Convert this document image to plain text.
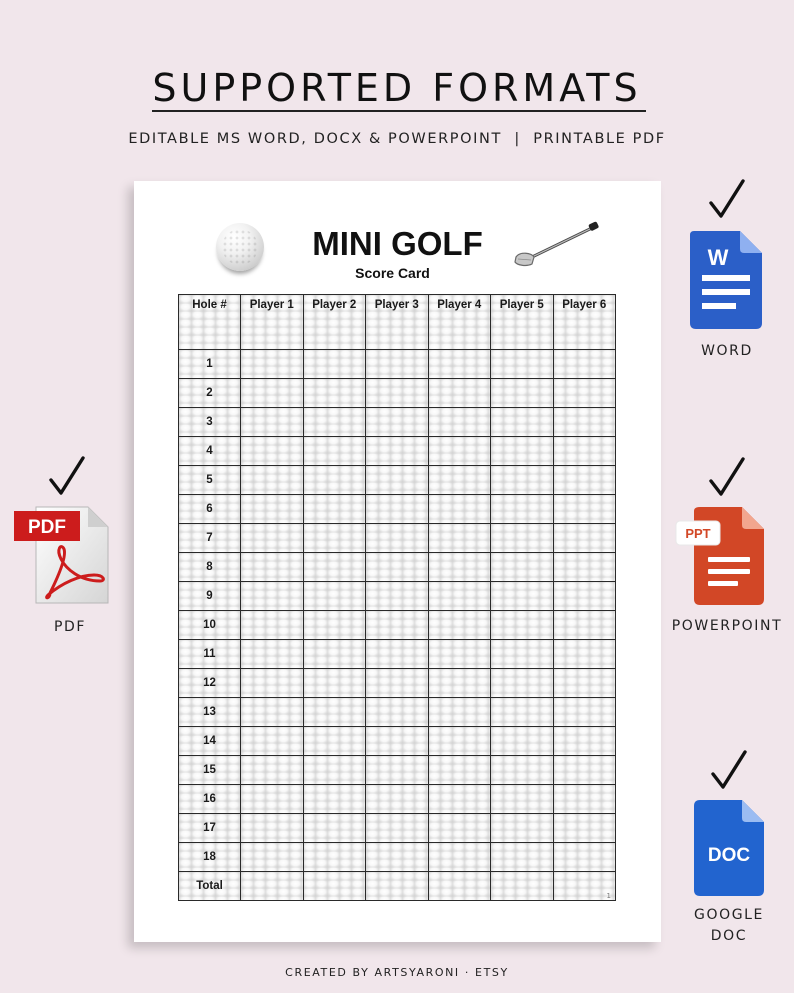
SUPPORTED FORMATS
EDITABLE MS WORD, DOCX & POWERPOINT  |  PRINTABLE PDF
MINI GOLF
Score Card
Hole #	Player 1	Player 2	Player 3	Player 4	Player 5	Player 6
1						
2						
3						
4						
5						
6						
7						
8						
9						
10						
11						
12						
13						
14						
15						
16						
17						
18						
Total						
1
W
WORD
PDF
PDF
PPT
POWERPOINT
DOC
GOOGLE
DOC
CREATED BY ARTSYARONI · ETSY
